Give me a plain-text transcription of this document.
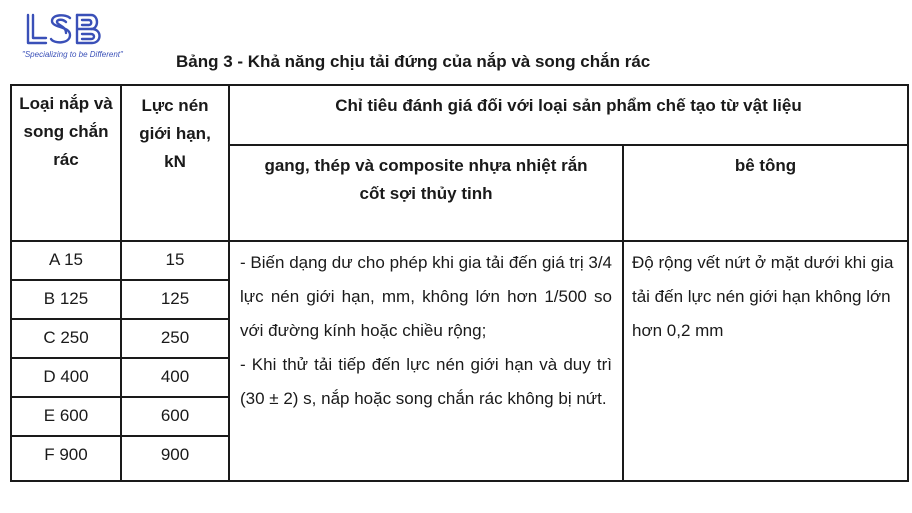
"Specializing to be Different"	Bảng 3 - Khả năng chịu tải đứng của nắp và song chắn rác
Loại nắp và song chắn rác	Lực nén giới hạn, kN	Chỉ tiêu đánh giá đối với loại sản phẩm chế tạo từ vật liệu	

		gang, thép và composite nhựa nhiệt rắn cốt sợi thủy tinh	bê tông

A 15	15	- Biến dạng dư cho phép khi gia tải đến giá trị 3/4 lực nén giới hạn, mm, không lớn hơn 1/500 so với đường kính hoặc chiều rộng;

- Khi thử tải tiếp đến lực nén giới hạn và duy trì (30 ± 2) s, nắp hoặc song chắn rác không bị nứt.	Độ rộng vết nứt ở mặt dưới khi gia tải đến lực nén giới hạn không lớn hơn 0,2 mm

B 125	125		
C 250	250		
D 400	400		
E 600	600		
F 900	900		
